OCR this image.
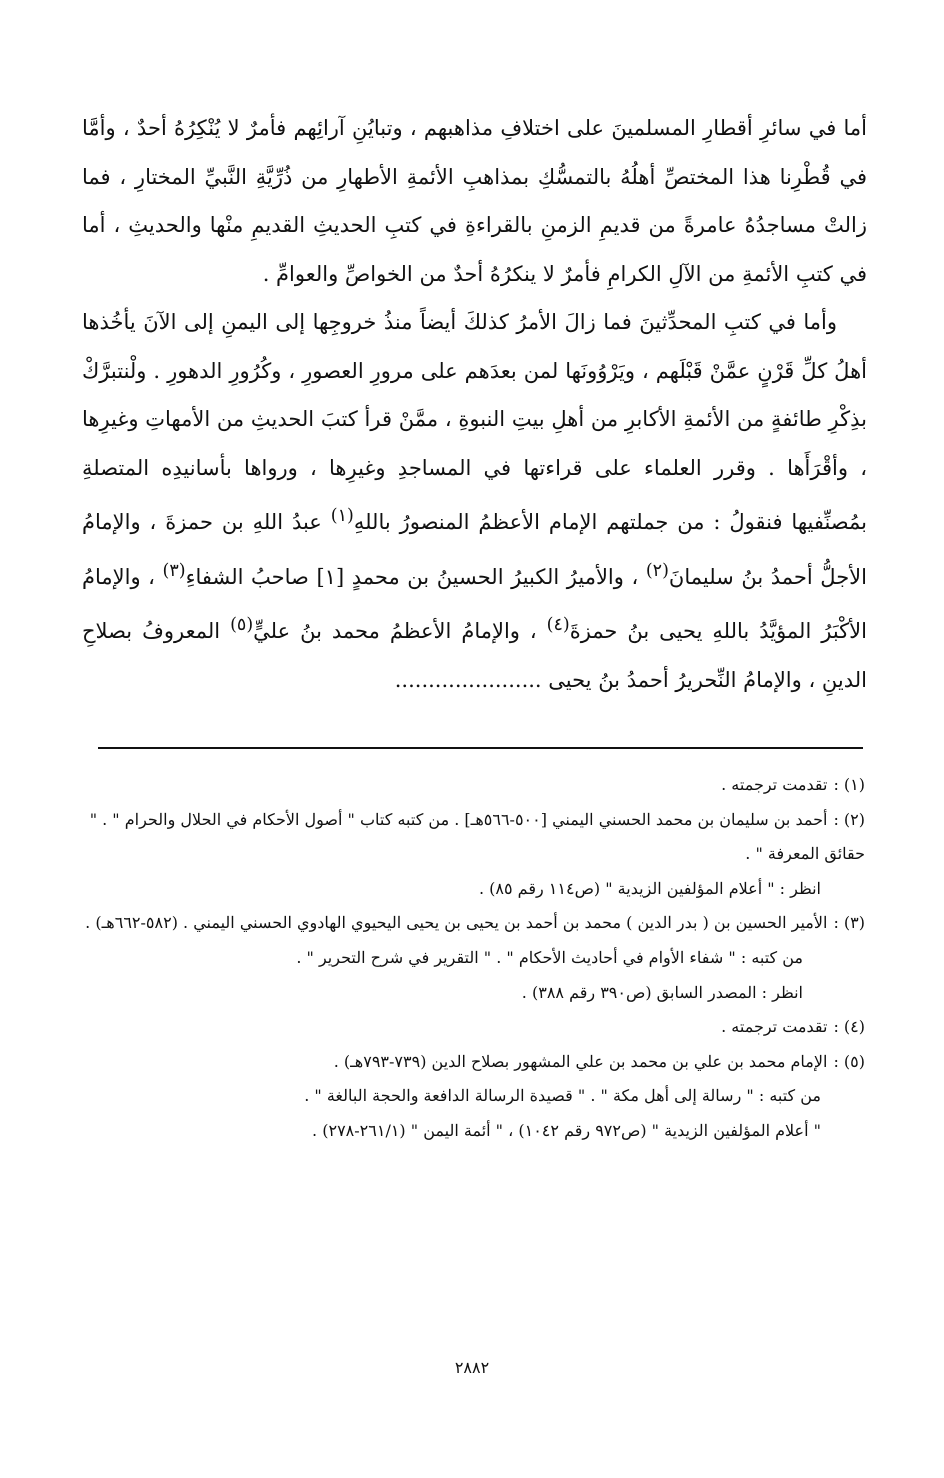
أما في سائرِ أقطارِ المسلمينَ على اختلافِ مذاهبهم ، وتبايُنِ آرائِهم فأمرٌ لا يُنْكِرُهُ أحدٌ ، وأمَّا في قُطْرِنا هذا المختصِّ أهلُهُ بالتمسُّكِ بمذاهبِ الأئمةِ الأطهارِ من ذُرِّيَّةِ النَّبيِّ المختارِ ، فما زالتْ مساجدُهُ عامرةً من قديمِ الزمنِ بالقراءةِ في كتبِ الحديثِ القديمِ منْها والحديثِ ، أما في كتبِ الأئمةِ من الآلِ الكرامِ فأمرٌ لا ينكرُهُ أحدٌ من الخواصِّ والعوامِّ .

وأما في كتبِ المحدِّثينَ فما زالَ الأمرُ كذلكَ أيضاً منذُ خروجِها إلى اليمنِ إلى الآنَ يأخُذها أهلُ كلِّ قَرْنٍ عمَّنْ قَبْلَهم ، ويَرْوُونَها لمن بعدَهم على مرورِ العصورِ ، وكُرُورِ الدهورِ . ولْنتبرَّكْ بذِكْرِ طائفةٍ من الأئمةِ الأكابرِ من أهلِ بيتِ النبوةِ ، ممَّنْ قرأ كتبَ الحديثِ من الأمهاتِ وغيرِها ، وأقْرَأَها . وقرر العلماء على قراءتها في المساجدِ وغيرِها ، ورواها بأسانيدِه المتصلةِ بمُصنِّفيها فنقولُ : من جملتهم الإمام الأعظمُ المنصورُ باللهِ$^{(١)}$ عبدُ اللهِ بن حمزةَ ، والإمامُ الأجلُّ أحمدُ بنُ سليمانَ$^{(٢)}$ ، والأميرُ الكبيرُ الحسينُ بن محمدٍ [١] صاحبُ الشفاءِ$^{(٣)}$ ، والإمامُ الأكْبَرُ المؤيَّدُ باللهِ يحيى بنُ حمزةَ$^{(٤)}$ ، والإمامُ الأعظمُ محمد بنُ عليٍّ$^{(٥)}$ المعروفُ بصلاحِ الدينِ ، والإمامُ النِّحريرُ أحمدُ بنُ يحيى ......................

(١) :تقدمت ترجمته .

(٢) :أحمد بن سليمان بن محمد الحسني اليمني [٥٠٠-٥٦٦هـ] . من كتبه كتاب " أصول الأحكام في الحلال والحرام " . " حقائق المعرفة " .

انظر : " أعلام المؤلفين الزيدية " (ص١١٤ رقم ٨٥) .

(٣) :الأمير الحسين بن ( بدر الدين ) محمد بن أحمد بن يحيى بن يحيى اليحيوي الهادوي الحسني اليمني . (٥٨٢-٦٦٢هـ) .

من كتبه : " شفاء الأوام في أحاديث الأحكام " . " التقرير في شرح التحرير " .

انظر : المصدر السابق (ص٣٩٠ رقم ٣٨٨) .

(٤) :تقدمت ترجمته .

(٥) :الإمام محمد بن علي بن محمد بن علي المشهور بصلاح الدين (٧٣٩-٧٩٣هـ) .

من كتبه : " رسالة إلى أهل مكة " . " قصيدة الرسالة الدافعة والحجة البالغة " .

" أعلام المؤلفين الزيدية " (ص٩٧٢ رقم ١٠٤٢) ، " أئمة اليمن " (٢٦١/١-٢٧٨) .

٢٨٨٢
